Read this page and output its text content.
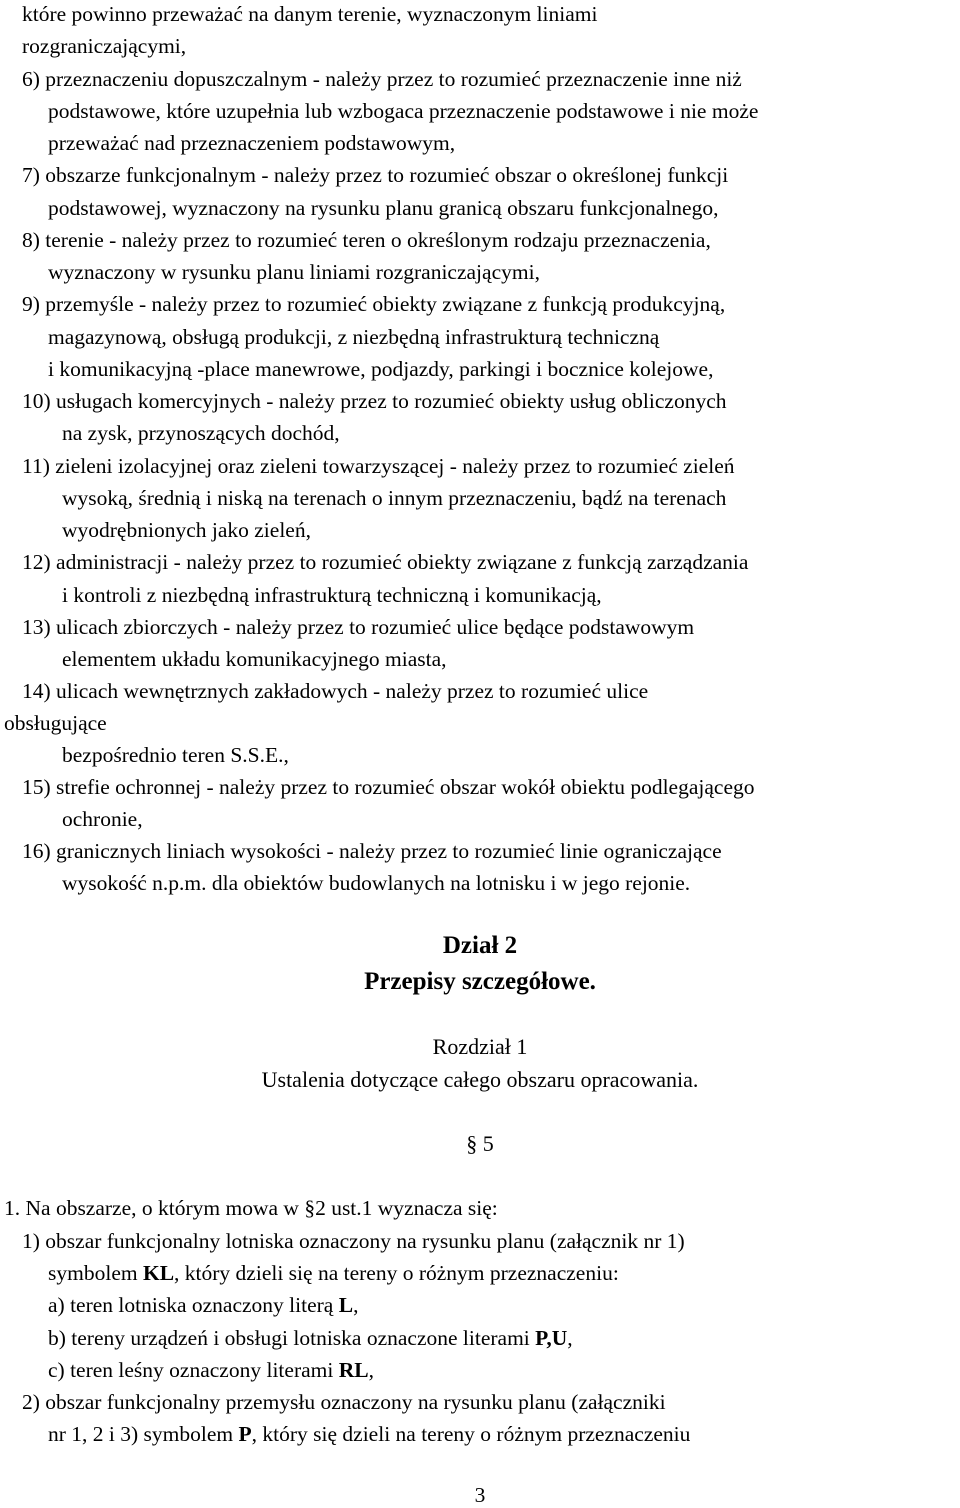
które powinno przeważać na danym terenie, wyznaczonym liniami
rozgraniczającymi,
6) przeznaczeniu dopuszczalnym - należy przez to rozumieć przeznaczenie inne niż
podstawowe, które uzupełnia lub wzbogaca przeznaczenie podstawowe i nie może
przeważać nad przeznaczeniem podstawowym,
7) obszarze funkcjonalnym - należy przez to rozumieć obszar o określonej funkcji
podstawowej, wyznaczony na rysunku planu granicą obszaru funkcjonalnego,
8) terenie - należy przez to rozumieć teren o określonym rodzaju przeznaczenia,
wyznaczony w rysunku planu liniami rozgraniczającymi,
9) przemyśle - należy przez to rozumieć obiekty związane z funkcją produkcyjną,
magazynową, obsługą produkcji, z niezbędną infrastrukturą techniczną
i komunikacyjną -place manewrowe, podjazdy, parkingi i bocznice kolejowe,
10) usługach komercyjnych - należy przez to rozumieć obiekty usług obliczonych
na zysk, przynoszących dochód,
11) zieleni izolacyjnej oraz zieleni towarzyszącej - należy przez to rozumieć zieleń
wysoką, średnią i niską na terenach o innym przeznaczeniu, bądź na terenach
wyodrębnionych jako zieleń,
12) administracji - należy przez to rozumieć obiekty związane z funkcją zarządzania
i kontroli z niezbędną infrastrukturą techniczną i komunikacją,
13) ulicach zbiorczych - należy przez to rozumieć ulice będące podstawowym
elementem układu komunikacyjnego miasta,
14) ulicach wewnętrznych zakładowych - należy przez to rozumieć ulice
obsługujące
bezpośrednio teren S.S.E.,
15) strefie ochronnej - należy przez to rozumieć obszar wokół obiektu podlegającego
ochronie,
16) granicznych liniach wysokości - należy przez to rozumieć linie ograniczające
wysokość n.p.m. dla obiektów budowlanych na lotnisku i w jego rejonie.
Dział 2
Przepisy szczegółowe.
Rozdział 1
Ustalenia dotyczące całego obszaru opracowania.
§ 5
1. Na obszarze, o którym mowa w §2 ust.1 wyznacza się:
1) obszar funkcjonalny lotniska oznaczony na rysunku planu (załącznik nr 1)
symbolem KL, który dzieli się na tereny o różnym przeznaczeniu:
a) teren lotniska oznaczony literą L,
b) tereny urządzeń i obsługi lotniska oznaczone literami P,U,
c) teren leśny oznaczony literami RL,
2) obszar funkcjonalny przemysłu oznaczony na rysunku planu (załączniki
nr 1, 2 i 3) symbolem P, który się dzieli na tereny o różnym przeznaczeniu
3
